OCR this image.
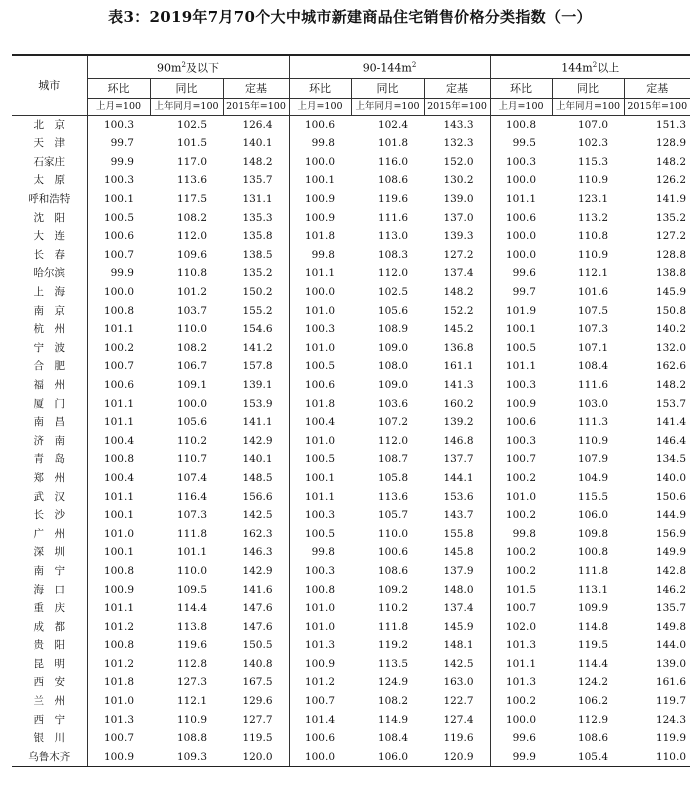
表3：2019年7月70个大中城市新建商品住宅销售价格分类指数（一）
城市	$90m^2$及以下			$90-144m^2$			$144m^2$以上		
	环比	同比	定基	环比	同比	定基	环比	同比	定基
	上月=100	上年同月=100	2015年=100	上月=100	上年同月=100	2015年=100	上月=100	上年同月=100	2015年=100
北　京	100.3	102.5	126.4	100.6	102.4	143.3	100.8	107.0	151.3
天　津	99.7	101.5	140.1	99.8	101.8	132.3	99.5	102.3	128.9
石家庄	99.9	117.0	148.2	100.0	116.0	152.0	100.3	115.3	148.2
太　原	100.3	113.6	135.7	100.1	108.6	130.2	100.0	110.9	126.2
呼和浩特	100.1	117.5	131.1	100.9	119.6	139.0	101.1	123.1	141.9
沈　阳	100.5	108.2	135.3	100.9	111.6	137.0	100.6	113.2	135.2
大　连	100.6	112.0	135.8	101.8	113.0	139.3	100.0	110.8	127.2
长　春	100.7	109.6	138.5	99.8	108.3	127.2	100.0	110.9	128.8
哈尔滨	99.9	110.8	135.2	101.1	112.0	137.4	99.6	112.1	138.8
上　海	100.0	101.2	150.2	100.0	102.5	148.2	99.7	101.6	145.9
南　京	100.8	103.7	155.2	101.0	105.6	152.2	101.9	107.5	150.8
杭　州	101.1	110.0	154.6	100.3	108.9	145.2	100.1	107.3	140.2
宁　波	100.2	108.2	141.2	101.0	109.0	136.8	100.5	107.1	132.0
合　肥	100.7	106.7	157.8	100.5	108.0	161.1	101.1	108.4	162.6
福　州	100.6	109.1	139.1	100.6	109.0	141.3	100.3	111.6	148.2
厦　门	101.1	100.0	153.9	101.8	103.6	160.2	100.9	103.0	153.7
南　昌	101.1	105.6	141.1	100.4	107.2	139.2	100.6	111.3	141.4
济　南	100.4	110.2	142.9	101.0	112.0	146.8	100.3	110.9	146.4
青　岛	100.8	110.7	140.1	100.5	108.7	137.7	100.7	107.9	134.5
郑　州	100.4	107.4	148.5	100.1	105.8	144.1	100.2	104.9	140.0
武　汉	101.1	116.4	156.6	101.1	113.6	153.6	101.0	115.5	150.6
长　沙	100.1	107.3	142.5	100.3	105.7	143.7	100.2	106.0	144.9
广　州	101.0	111.8	162.3	100.5	110.0	155.8	99.8	109.8	156.9
深　圳	100.1	101.1	146.3	99.8	100.6	145.8	100.2	100.8	149.9
南　宁	100.8	110.0	142.9	100.3	108.6	137.9	100.2	111.8	142.8
海　口	100.9	109.5	141.6	100.8	109.2	148.0	101.5	113.1	146.2
重　庆	101.1	114.4	147.6	101.0	110.2	137.4	100.7	109.9	135.7
成　都	101.2	113.8	147.6	101.0	111.8	145.9	102.0	114.8	149.8
贵　阳	100.8	119.6	150.5	101.3	119.2	148.1	101.3	119.5	144.0
昆　明	101.2	112.8	140.8	100.9	113.5	142.5	101.1	114.4	139.0
西　安	101.8	127.3	167.5	101.2	124.9	163.0	101.3	124.2	161.6
兰　州	101.0	112.1	129.6	100.7	108.2	122.7	100.2	106.2	119.7
西　宁	101.3	110.9	127.7	101.4	114.9	127.4	100.0	112.9	124.3
银　川	100.7	108.8	119.5	100.6	108.4	119.6	99.6	108.6	119.9
乌鲁木齐	100.9	109.3	120.0	100.0	106.0	120.9	99.9	105.4	110.0
